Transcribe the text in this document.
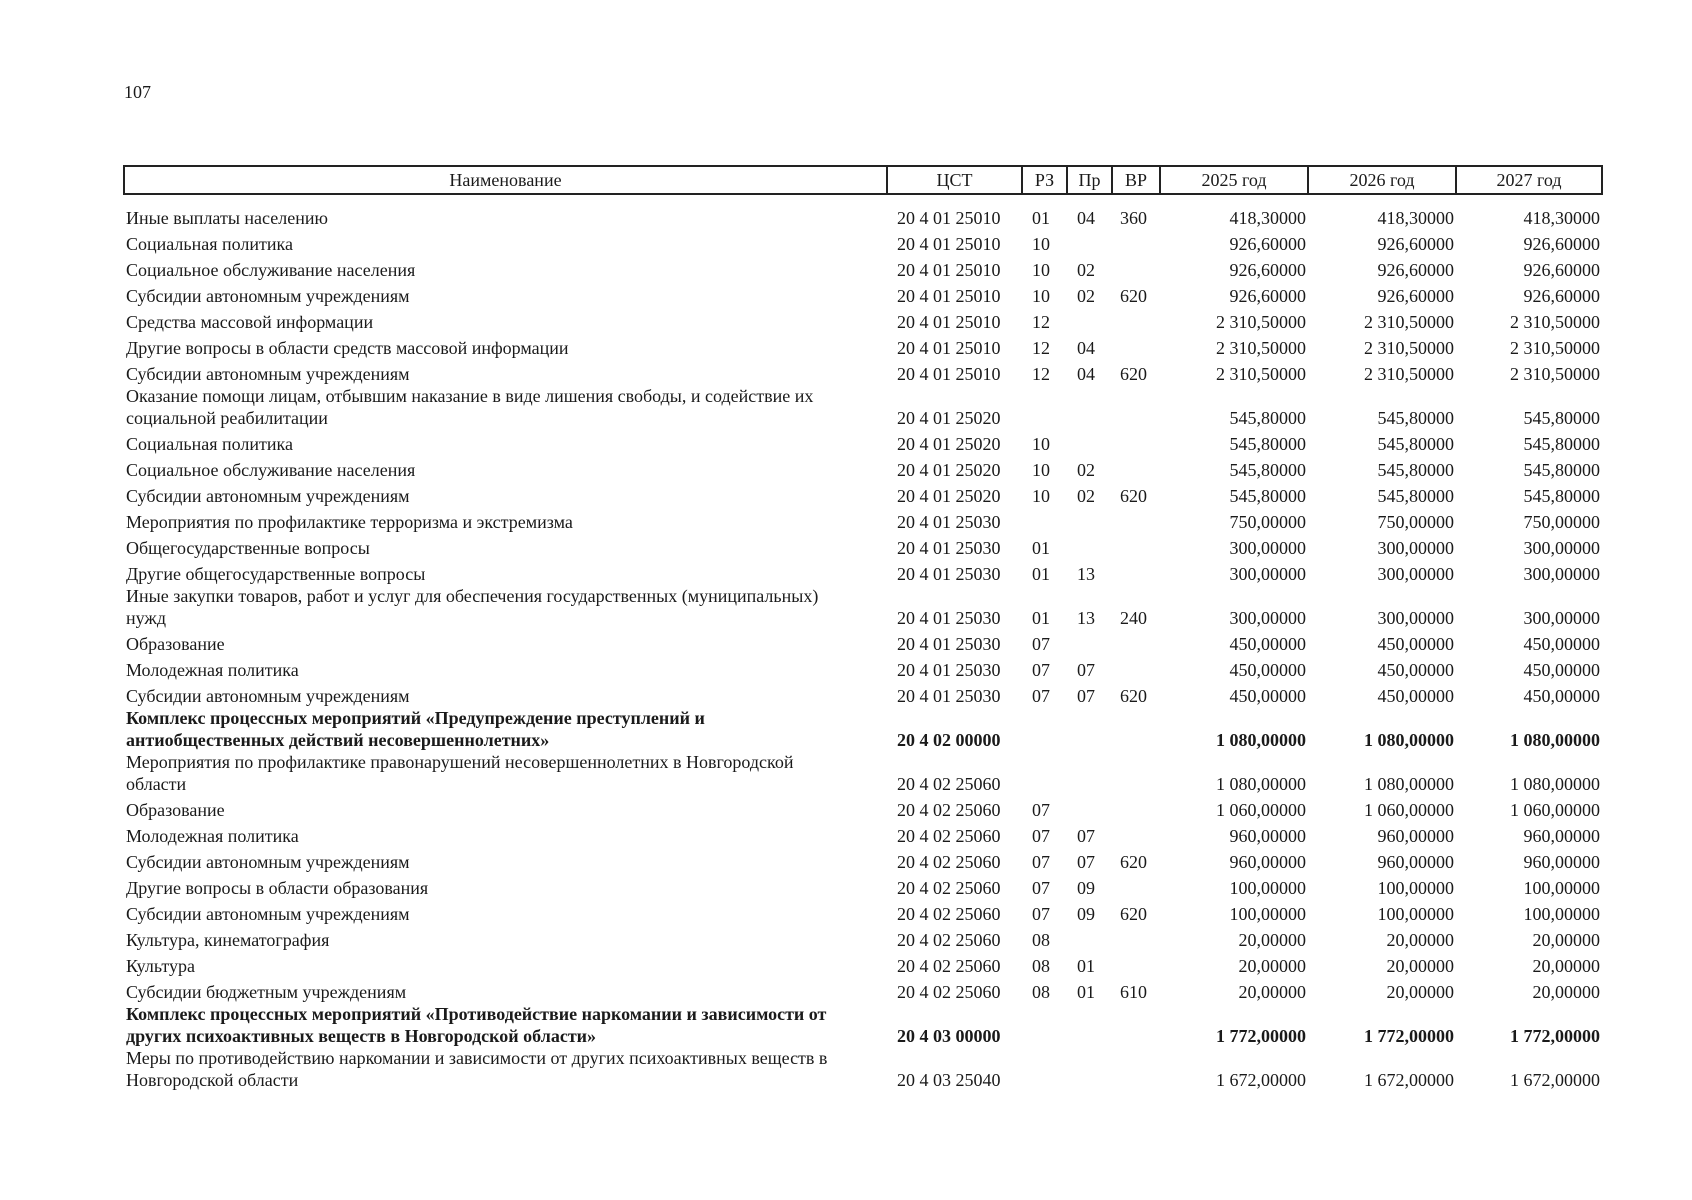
107
Наименование	ЦСТ	РЗ	Пр	ВР	2025 год	2026 год	2027 год
Иные выплаты населению	20 4 01 25010	01	04	360	418,30000	418,30000	418,30000
Социальная политика	20 4 01 25010	10			926,60000	926,60000	926,60000
Социальное обслуживание населения	20 4 01 25010	10	02		926,60000	926,60000	926,60000
Субсидии автономным учреждениям	20 4 01 25010	10	02	620	926,60000	926,60000	926,60000
Средства массовой информации	20 4 01 25010	12			2 310,50000	2 310,50000	2 310,50000
Другие вопросы в области средств массовой информации	20 4 01 25010	12	04		2 310,50000	2 310,50000	2 310,50000
Субсидии автономным учреждениям	20 4 01 25010	12	04	620	2 310,50000	2 310,50000	2 310,50000
Оказание помощи лицам, отбывшим наказание в виде лишения свободы, и содействие их социальной реабилитации	20 4 01 25020				545,80000	545,80000	545,80000
Социальная политика	20 4 01 25020	10			545,80000	545,80000	545,80000
Социальное обслуживание населения	20 4 01 25020	10	02		545,80000	545,80000	545,80000
Субсидии автономным учреждениям	20 4 01 25020	10	02	620	545,80000	545,80000	545,80000
Мероприятия по профилактике терроризма и экстремизма	20 4 01 25030				750,00000	750,00000	750,00000
Общегосударственные вопросы	20 4 01 25030	01			300,00000	300,00000	300,00000
Другие общегосударственные вопросы	20 4 01 25030	01	13		300,00000	300,00000	300,00000
Иные закупки товаров, работ и услуг для обеспечения государственных (муниципальных) нужд	20 4 01 25030	01	13	240	300,00000	300,00000	300,00000
Образование	20 4 01 25030	07			450,00000	450,00000	450,00000
Молодежная политика	20 4 01 25030	07	07		450,00000	450,00000	450,00000
Субсидии автономным учреждениям	20 4 01 25030	07	07	620	450,00000	450,00000	450,00000
Комплекс процессных мероприятий «Предупреждение преступлений и антиобщественных действий несовершеннолетних»	20 4 02 00000				1 080,00000	1 080,00000	1 080,00000
Мероприятия по профилактике правонарушений несовершеннолетних в Новгородской области	20 4 02 25060				1 080,00000	1 080,00000	1 080,00000
Образование	20 4 02 25060	07			1 060,00000	1 060,00000	1 060,00000
Молодежная политика	20 4 02 25060	07	07		960,00000	960,00000	960,00000
Субсидии автономным учреждениям	20 4 02 25060	07	07	620	960,00000	960,00000	960,00000
Другие вопросы в области образования	20 4 02 25060	07	09		100,00000	100,00000	100,00000
Субсидии автономным учреждениям	20 4 02 25060	07	09	620	100,00000	100,00000	100,00000
Культура, кинематография	20 4 02 25060	08			20,00000	20,00000	20,00000
Культура	20 4 02 25060	08	01		20,00000	20,00000	20,00000
Субсидии бюджетным учреждениям	20 4 02 25060	08	01	610	20,00000	20,00000	20,00000
Комплекс процессных мероприятий «Противодействие наркомании и зависимости от других психоактивных веществ в Новгородской области»	20 4 03 00000				1 772,00000	1 772,00000	1 772,00000
Меры по противодействию наркомании и зависимости от других психоактивных веществ в Новгородской области	20 4 03 25040				1 672,00000	1 672,00000	1 672,00000
